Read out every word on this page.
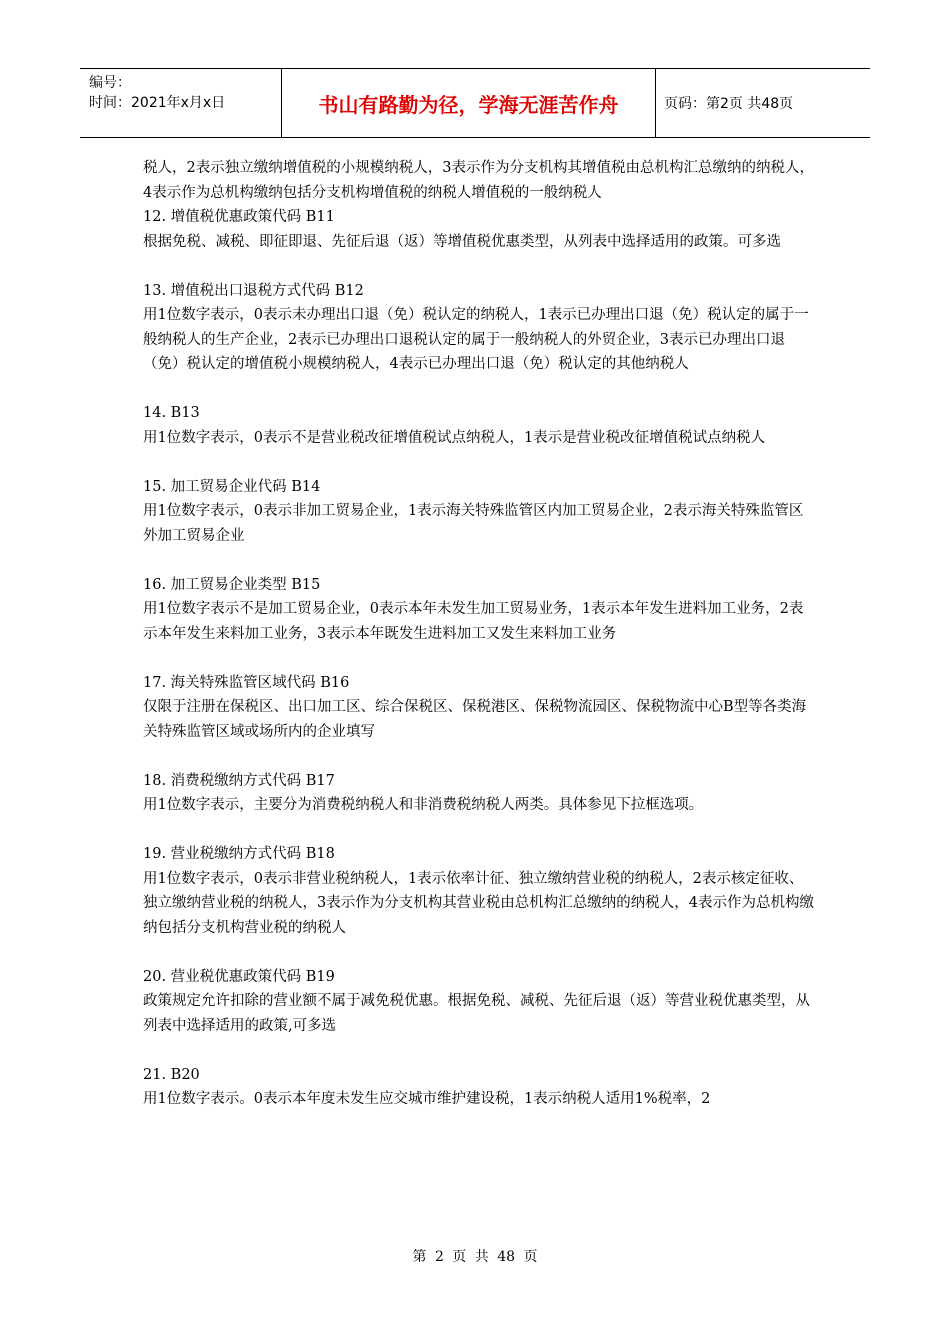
编号：
时间：2021年x月x日	书山有路勤为径，学海无涯苦作舟	页码：第2页 共48页

税人，2表示独立缴纳增值税的小规模纳税人，3表示作为分支机构其增值税由总机构汇总缴纳的纳税人，4表示作为总机构缴纳包括分支机构增值税的纳税人增值税的一般纳税人

12. 增值税优惠政策代码 B11

根据免税、减税、即征即退、先征后退（返）等增值税优惠类型，从列表中选择适用的政策。可多选

13. 增值税出口退税方式代码 B12

用1位数字表示，0表示未办理出口退（免）税认定的纳税人，1表示已办理出口退（免）税认定的属于一般纳税人的生产企业，2表示已办理出口退税认定的属于一般纳税人的外贸企业，3表示已办理出口退（免）税认定的增值税小规模纳税人，4表示已办理出口退（免）税认定的其他纳税人

14. B13

用1位数字表示，0表示不是营业税改征增值税试点纳税人，1表示是营业税改征增值税试点纳税人

15. 加工贸易企业代码 B14

用1位数字表示，0表示非加工贸易企业，1表示海关特殊监管区内加工贸易企业，2表示海关特殊监管区外加工贸易企业

16. 加工贸易企业类型 B15

用1位数字表示不是加工贸易企业，0表示本年未发生加工贸易业务，1表示本年发生进料加工业务，2表示本年发生来料加工业务，3表示本年既发生进料加工又发生来料加工业务

17. 海关特殊监管区域代码 B16

仅限于注册在保税区、出口加工区、综合保税区、保税港区、保税物流园区、保税物流中心B型等各类海关特殊监管区域或场所内的企业填写

18. 消费税缴纳方式代码 B17

用1位数字表示，主要分为消费税纳税人和非消费税纳税人两类。具体参见下拉框选项。

19. 营业税缴纳方式代码 B18

用1位数字表示，0表示非营业税纳税人，1表示依率计征、独立缴纳营业税的纳税人，2表示核定征收、独立缴纳营业税的纳税人，3表示作为分支机构其营业税由总机构汇总缴纳的纳税人，4表示作为总机构缴纳包括分支机构营业税的纳税人

20. 营业税优惠政策代码 B19

政策规定允许扣除的营业额不属于减免税优惠。根据免税、减税、先征后退（返）等营业税优惠类型，从列表中选择适用的政策,可多选

21. B20

用1位数字表示。0表示本年度未发生应交城市维护建设税，1表示纳税人适用1%税率，2

第 2 页 共 48 页
